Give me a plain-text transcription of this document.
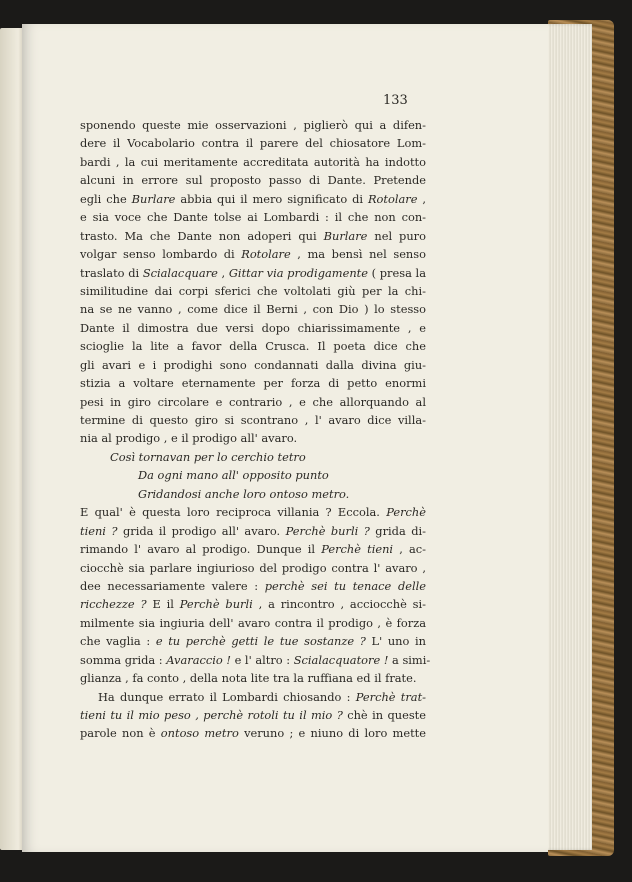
133
sponendo queste mie osservazioni , piglierò qui a difen-
dere il Vocabolario contra il parere del chiosatore Lom-
bardi , la cui meritamente accreditata autorità ha indotto
alcuni in errore sul proposto passo di Dante. Pretende
egli che Burlare abbia qui il mero significato di Rotolare ,
e sia voce che Dante tolse ai Lombardi : il che non con-
trasto. Ma che Dante non adoperi qui Burlare nel puro
volgar senso lombardo di Rotolare , ma bensì nel senso
traslato di Scialacquare , Gittar via prodigamente ( presa la
similitudine dai corpi sferici che voltolati giù per la chi-
na se ne vanno , come dice il Berni , con Dio ) lo stesso
Dante il dimostra due versi dopo chiarissimamente , e
scioglie la lite a favor della Crusca. Il poeta dice che
gli avari e i prodighi sono condannati dalla divina giu-
stizia a voltare eternamente per forza di petto enormi
pesi in giro circolare e contrario , e che allorquando al
termine di questo giro si scontrano , l' avaro dice villa-
nia al prodigo , e il prodigo all' avaro.
Così tornavan per lo cerchio tetro
Da ogni mano all' opposito punto
Gridandosi anche loro ontoso metro.
E qual' è questa loro reciproca villania ? Eccola. Perchè
tieni ? grida il prodigo all' avaro. Perchè burli ? grida di-
rimando l' avaro al prodigo. Dunque il Perchè tieni , ac-
ciocchè sia parlare ingiurioso del prodigo contra l' avaro ,
dee necessariamente valere : perchè sei tu tenace delle
ricchezze ? E il Perchè burli , a rincontro , acciocchè si-
milmente sia ingiuria dell' avaro contra il prodigo , è forza
che vaglia : e tu perchè getti le tue sostanze ? L' uno in
somma grida : Avaraccio ! e l' altro : Scialacquatore ! a simi-
glianza , fa conto , della nota lite tra la ruffiana ed il frate.
Ha dunque errato il Lombardi chiosando : Perchè trat-
tieni tu il mio peso , perchè rotoli tu il mio ? chè in queste
parole non è ontoso metro veruno ; e niuno di loro mette
